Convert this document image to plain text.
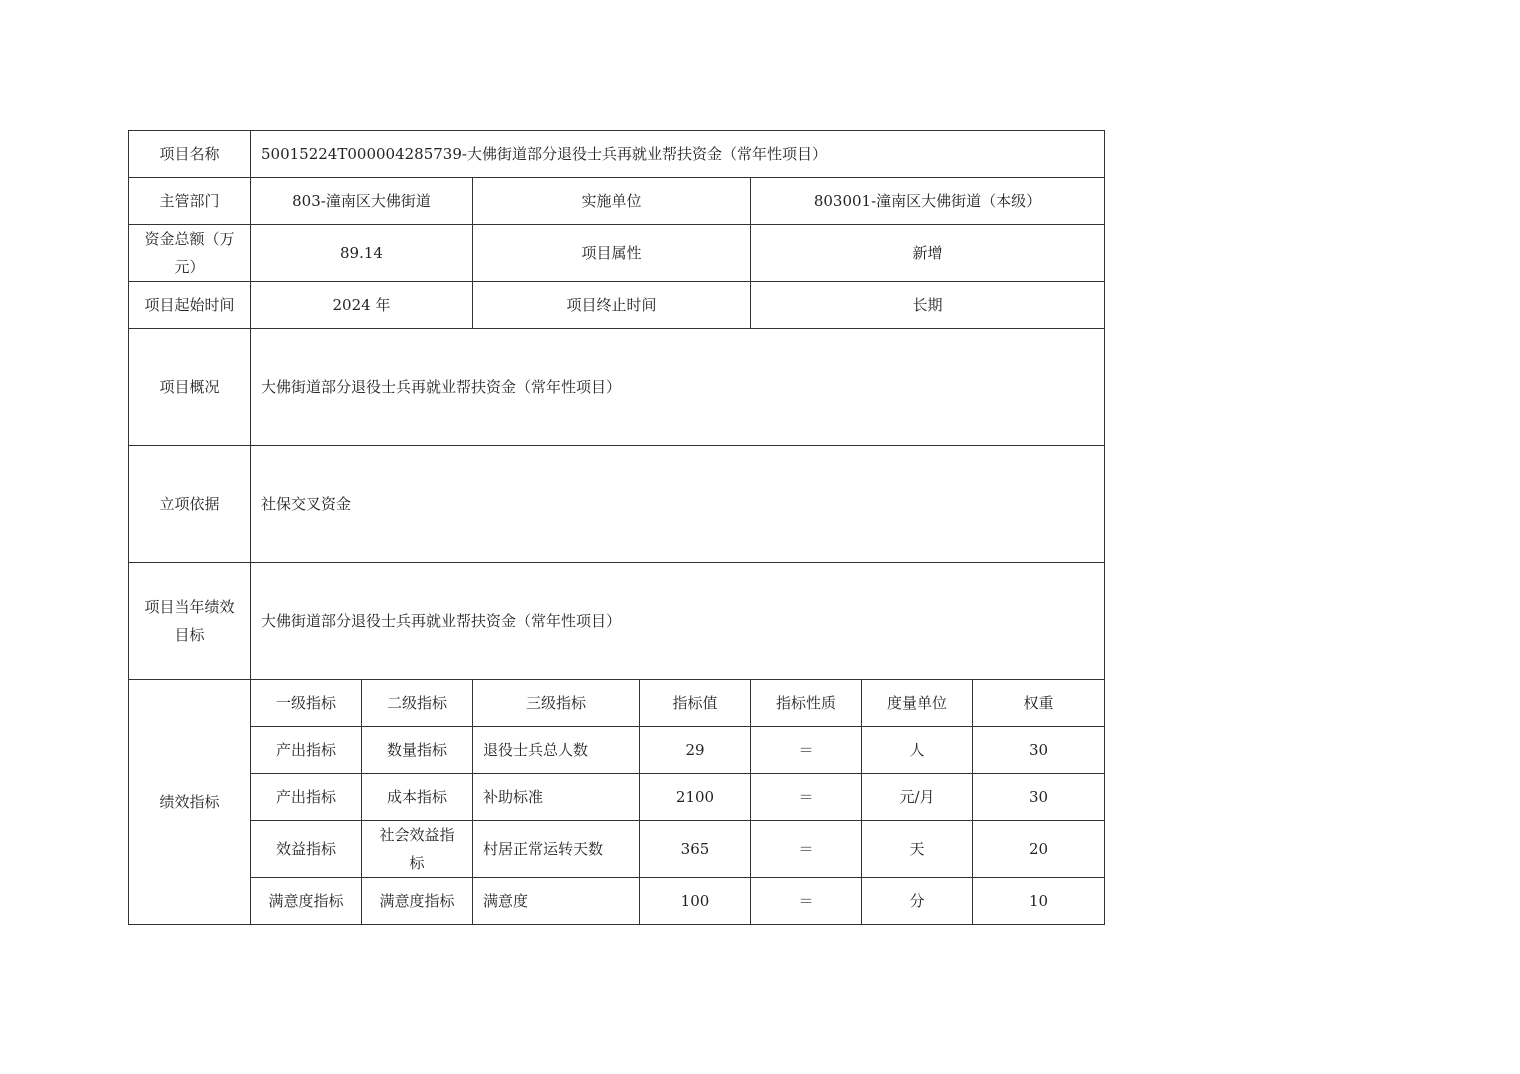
项目名称	50015224T000004285739-大佛街道部分退役士兵再就业帮扶资金（常年性项目）						
主管部门	803-潼南区大佛街道		实施单位		803001-潼南区大佛街道（本级）		
资金总额（万元）	89.14		项目属性		新增		
项目起始时间	2024 年		项目终止时间		长期		
项目概况	大佛街道部分退役士兵再就业帮扶资金（常年性项目）						
立项依据	社保交叉资金						
项目当年绩效目标	大佛街道部分退役士兵再就业帮扶资金（常年性项目）						
绩效指标	一级指标	二级指标	三级指标	指标值	指标性质	度量单位	权重
	产出指标	数量指标	退役士兵总人数	29	＝	人	30
	产出指标	成本指标	补助标准	2100	＝	元/月	30
	效益指标	社会效益指标	村居正常运转天数	365	＝	天	20
	满意度指标	满意度指标	满意度	100	＝	分	10
